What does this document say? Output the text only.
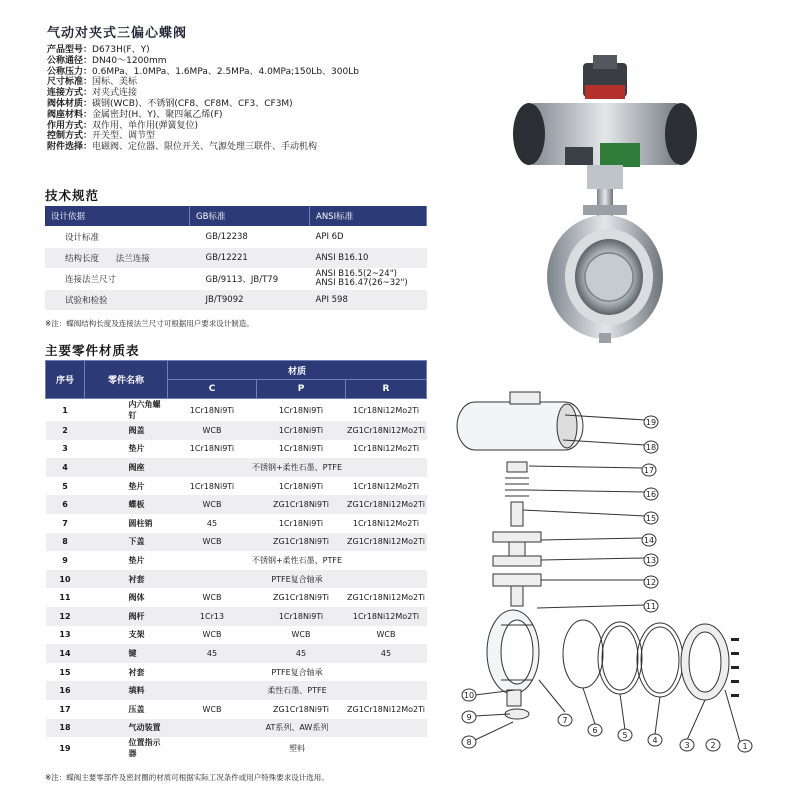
气动对夹式三偏心蝶阀
产品型号：D673H(F、Y)
公称通径：DN40～1200mm
公称压力：0.6MPa、1.0MPa、1.6MPa、2.5MPa、4.0MPa;150Lb、300Lb
尺寸标准：国标、美标
连接方式：对夹式连接
阀体材质：碳钢(WCB)、不锈钢(CF8、CF8M、CF3、CF3M)
阀座材料：金属密封(H、Y)、聚四氟乙烯(F)
作用方式：双作用、单作用(弹簧复位)
控制方式：开关型、调节型
附件选择：电磁阀、定位器、限位开关、气源处理三联件、手动机构
技术规范
设计依据	GB标准	ANSI标准
设计标准	GB/12238	API 6D
结构长度 法兰连接	GB/12221	ANSI B16.10
连接法兰尺寸	GB/9113、JB/T79	ANSI B16.5(2~24")
ANSI B16.47(26~32")

试验和检验	JB/T9092	API 598
※注：蝶阀结构长度及连接法兰尺寸可根据用户要求设计制造。
主要零件材质表
序号	零件名称	材质		
		C	P	R
1	内六角螺钉	1Cr18Ni9Ti	1Cr18Ni9Ti	1Cr18Ni12Mo2Ti
2	阀盖	WCB	1Cr18Ni9Ti	ZG1Cr18Ni12Mo2Ti
3	垫片	1Cr18Ni9Ti	1Cr18Ni9Ti	1Cr18Ni12Mo2Ti
4	阀座	不锈钢+柔性石墨、PTFE		
5	垫片	1Cr18Ni9Ti	1Cr18Ni9Ti	1Cr18Ni12Mo2Ti
6	蝶板	WCB	ZG1Cr18Ni9Ti	ZG1Cr18Ni12Mo2Ti
7	圆柱销	45	1Cr18Ni9Ti	1Cr18Ni12Mo2Ti
8	下盖	WCB	ZG1Cr18Ni9Ti	ZG1Cr18Ni12Mo2Ti
9	垫片	不锈钢+柔性石墨、PTFE		
10	衬套	PTFE复合轴承		
11	阀体	WCB	ZG1Cr18Ni9Ti	ZG1Cr18Ni12Mo2Ti
12	阀杆	1Cr13	1Cr18Ni9Ti	1Cr18Ni12Mo2Ti
13	支架	WCB	WCB	WCB
14	键	45	45	45
15	衬套	PTFE复合轴承		
16	填料	柔性石墨、PTFE		
17	压盖	WCB	ZG1Cr18Ni9Ti	ZG1Cr18Ni12Mo2Ti
18	气动装置	AT系列、AW系列		
19	位置指示器	塑料		
※注：蝶阀主要零部件及密封圈的材质可根据实际工况条件或用户特殊要求设计选用。
1
2
3
4
5
6
7
8
9
10
11
12
13
14
15
16
17
18
19
